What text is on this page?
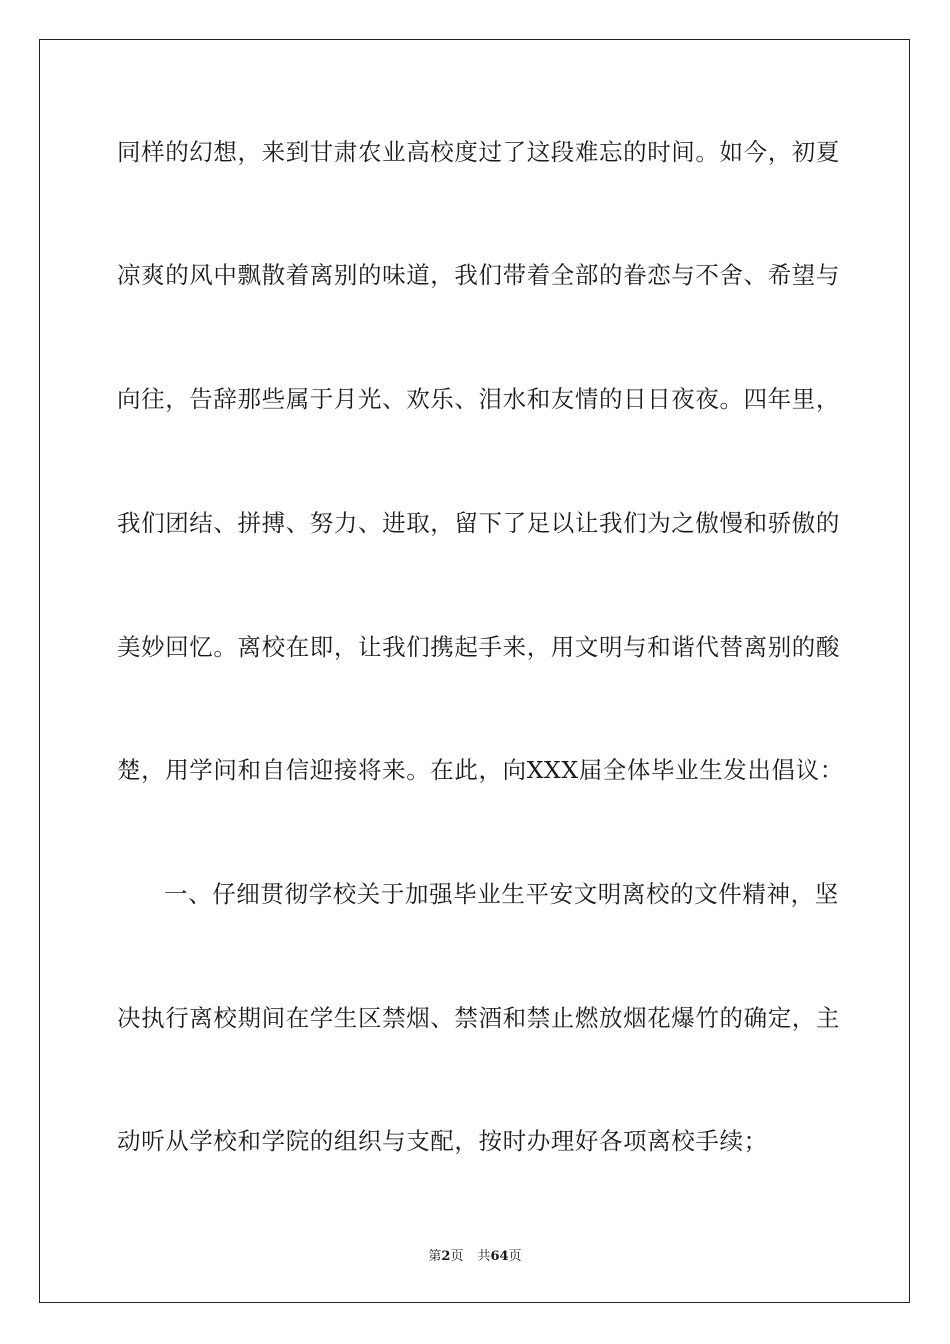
同样的幻想，来到甘肃农业高校度过了这段难忘的时间。如今，初夏
凉爽的风中飘散着离别的味道，我们带着全部的眷恋与不舍、希望与
向往，告辞那些属于月光、欢乐、泪水和友情的日日夜夜。四年里，
我们团结、拼搏、努力、进取，留下了足以让我们为之傲慢和骄傲的
美妙回忆。离校在即，让我们携起手来，用文明与和谐代替离别的酸
楚，用学问和自信迎接将来。在此，向XXX届全体毕业生发出倡议：
一、仔细贯彻学校关于加强毕业生平安文明离校的文件精神，坚
决执行离校期间在学生区禁烟、禁酒和禁止燃放烟花爆竹的确定，主
动听从学校和学院的组织与支配，按时办理好各项离校手续；
第2页 共64页
